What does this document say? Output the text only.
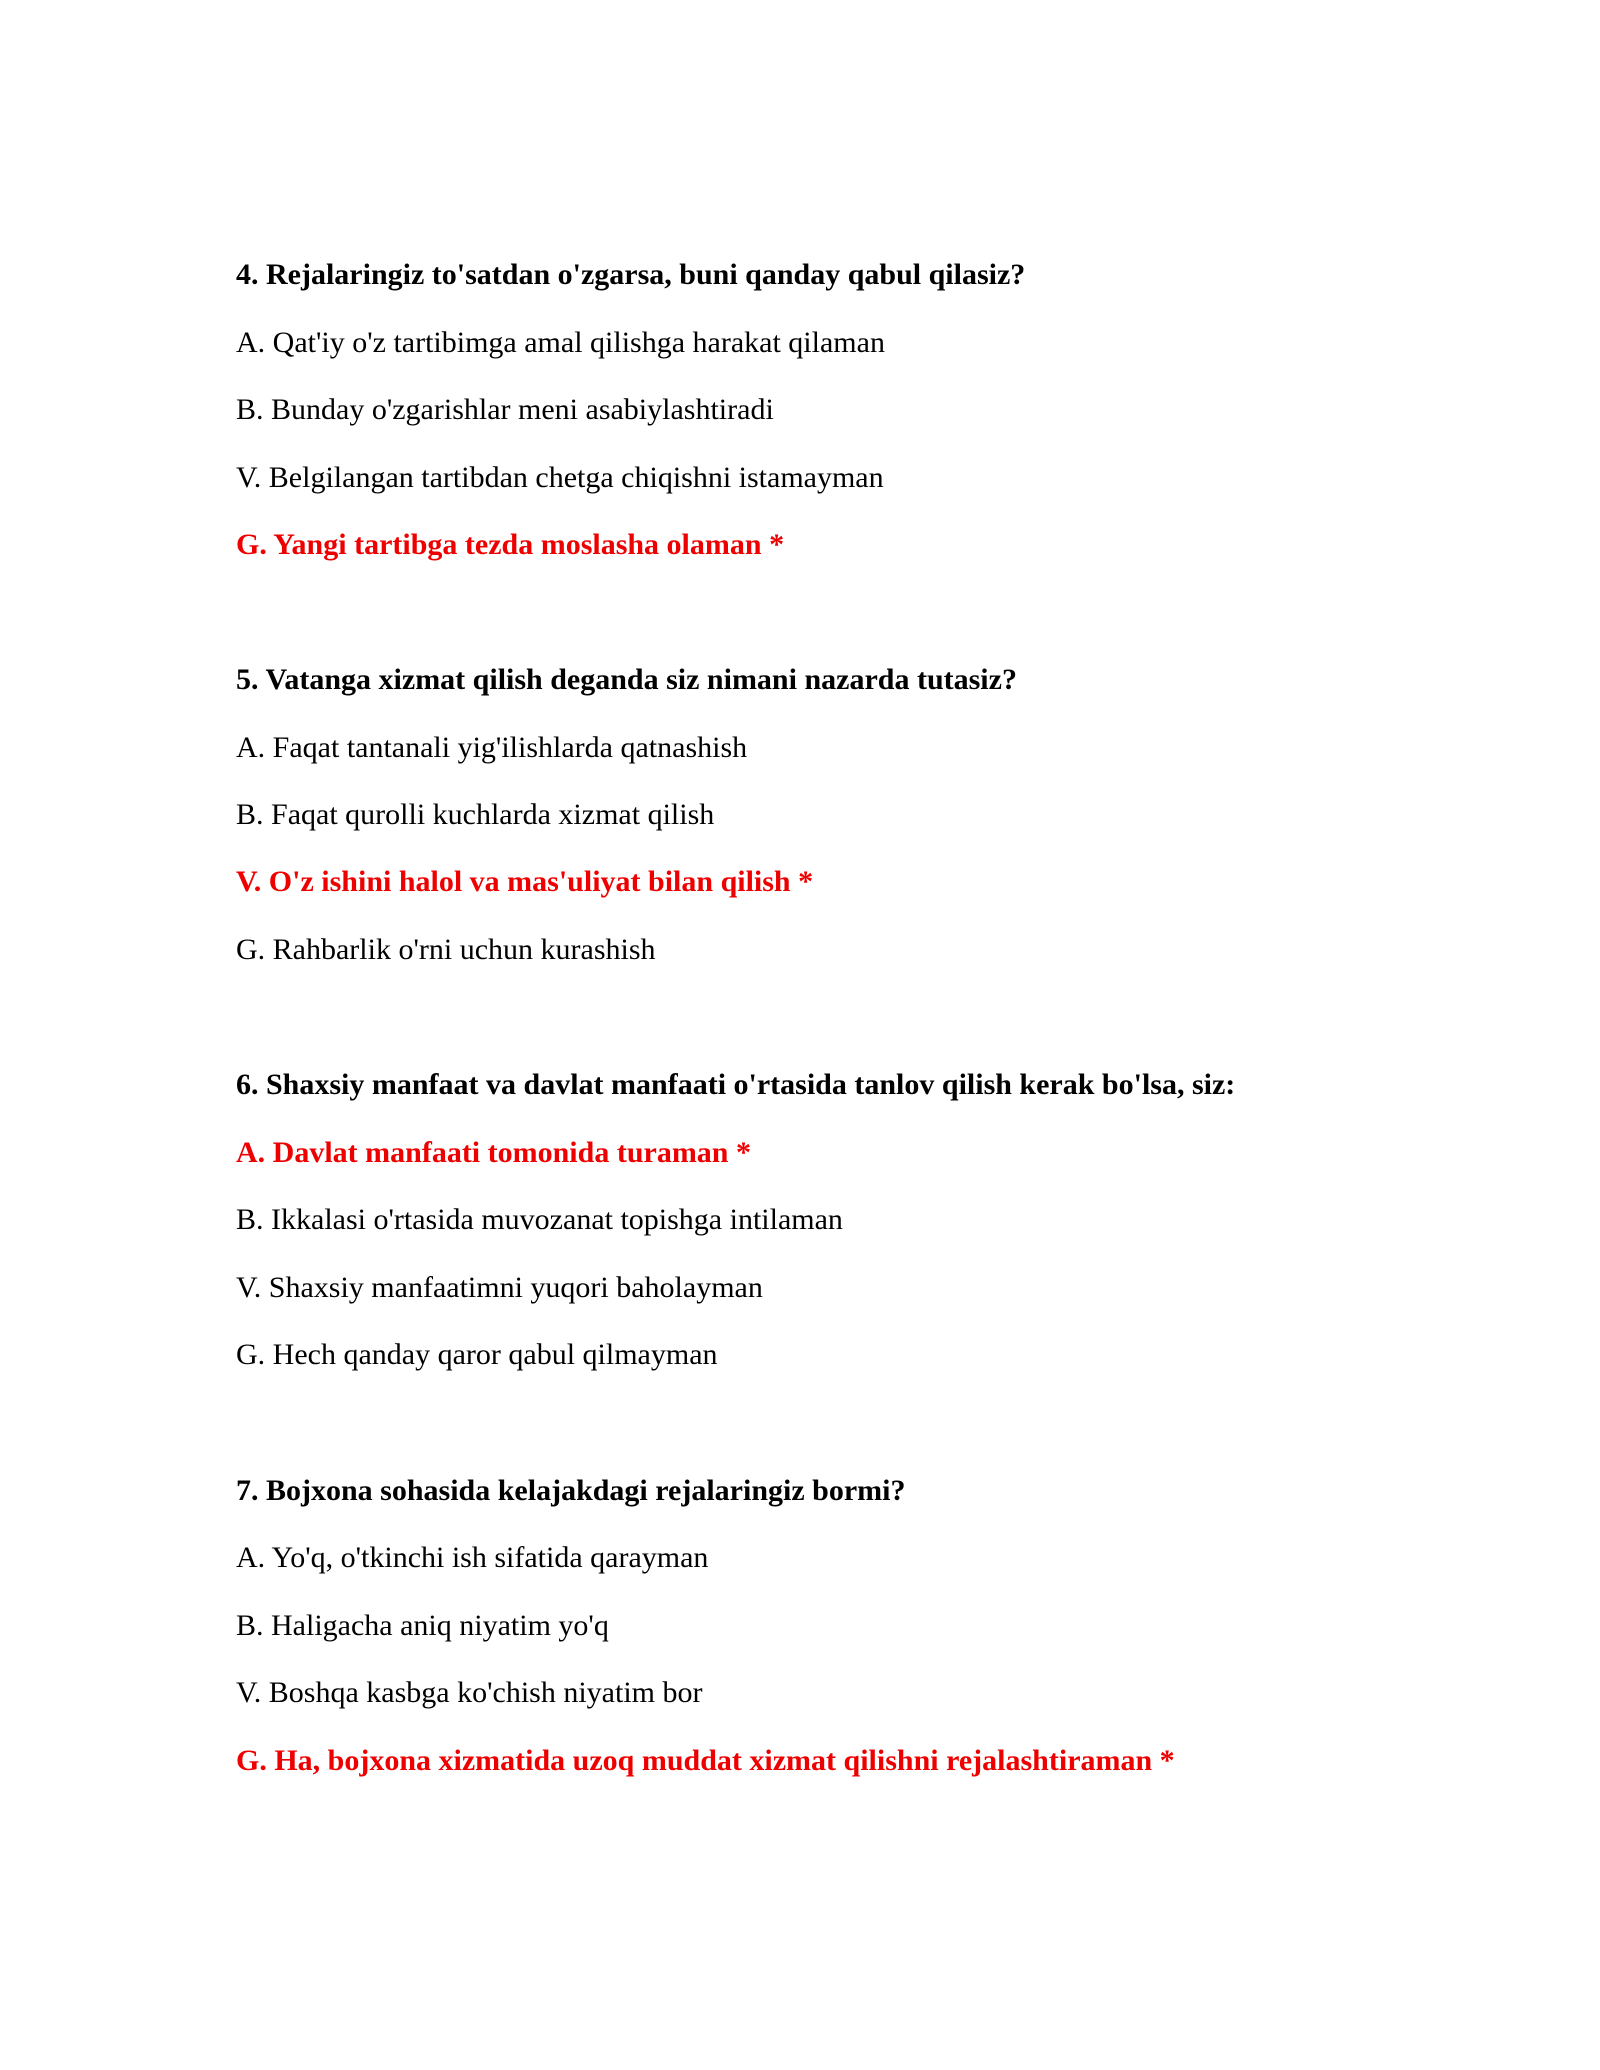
4. Rejalaringiz to'satdan o'zgarsa, buni qanday qabul qilasiz?
A. Qat'iy o'z tartibimga amal qilishga harakat qilaman
B. Bunday o'zgarishlar meni asabiylashtiradi
V. Belgilangan tartibdan chetga chiqishni istamayman
G. Yangi tartibga tezda moslasha olaman *
5. Vatanga xizmat qilish deganda siz nimani nazarda tutasiz?
A. Faqat tantanali yig'ilishlarda qatnashish
B. Faqat qurolli kuchlarda xizmat qilish
V. O'z ishini halol va mas'uliyat bilan qilish *
G. Rahbarlik o'rni uchun kurashish
6. Shaxsiy manfaat va davlat manfaati o'rtasida tanlov qilish kerak bo'lsa, siz:
A. Davlat manfaati tomonida turaman *
B. Ikkalasi o'rtasida muvozanat topishga intilaman
V. Shaxsiy manfaatimni yuqori baholayman
G. Hech qanday qaror qabul qilmayman
7. Bojxona sohasida kelajakdagi rejalaringiz bormi?
A. Yo'q, o'tkinchi ish sifatida qarayman
B. Haligacha aniq niyatim yo'q
V. Boshqa kasbga ko'chish niyatim bor
G. Ha, bojxona xizmatida uzoq muddat xizmat qilishni rejalashtiraman *
